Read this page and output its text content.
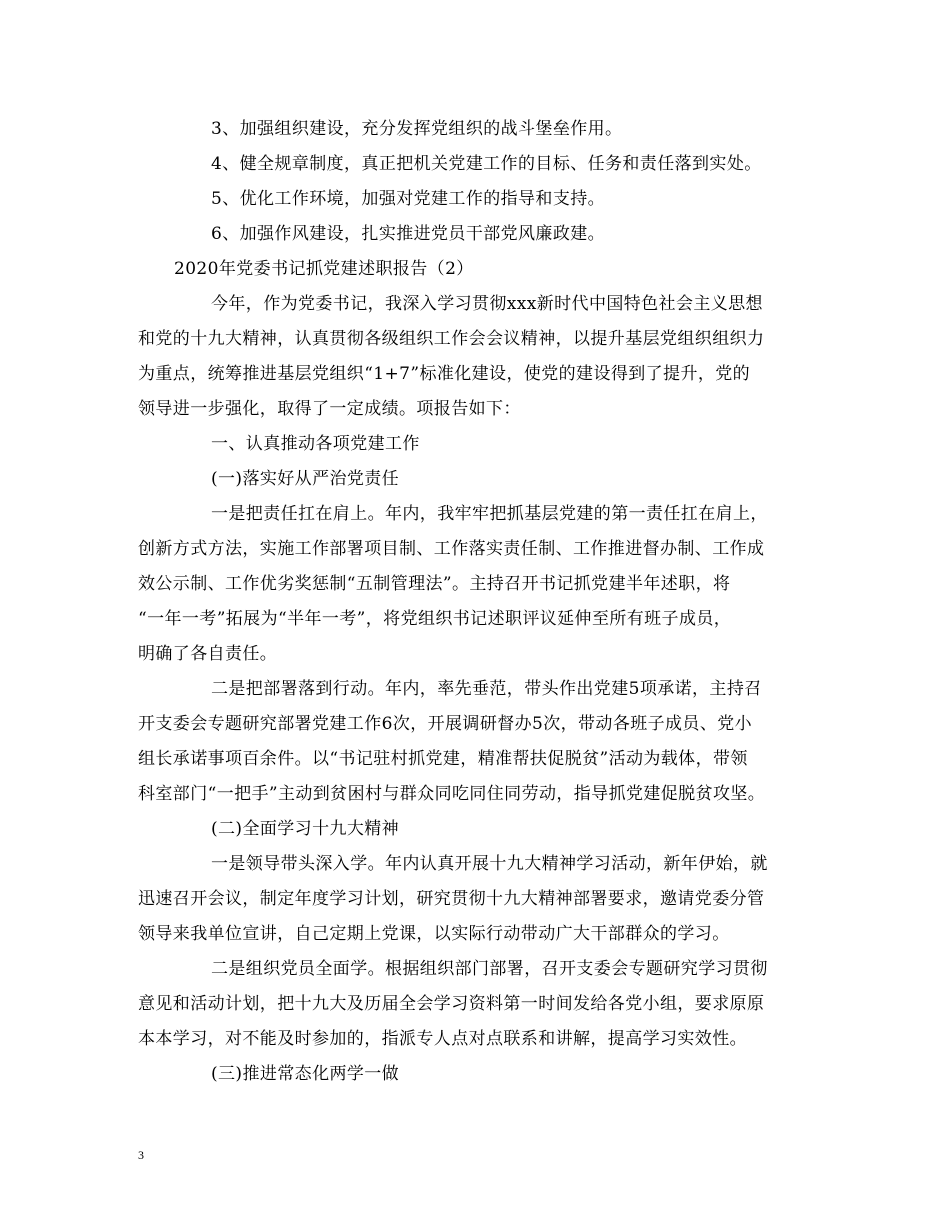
3、加强组织建设，充分发挥党组织的战斗堡垒作用。
4、健全规章制度，真正把机关党建工作的目标、任务和责任落到实处。
5、优化工作环境，加强对党建工作的指导和支持。
6、加强作风建设，扎实推进党员干部党风廉政建。
2020年党委书记抓党建述职报告（2）
今年，作为党委书记，我深入学习贯彻xxx新时代中国特色社会主义思想
和党的十九大精神，认真贯彻各级组织工作会会议精神，以提升基层党组织组织力
为重点，统筹推进基层党组织“1+7”标准化建设，使党的建设得到了提升，党的
领导进一步强化，取得了一定成绩。项报告如下：
一、认真推动各项党建工作
(一)落实好从严治党责任
一是把责任扛在肩上。年内，我牢牢把抓基层党建的第一责任扛在肩上，
创新方式方法，实施工作部署项目制、工作落实责任制、工作推进督办制、工作成
效公示制、工作优劣奖惩制“五制管理法”。主持召开书记抓党建半年述职，将
“一年一考”拓展为“半年一考”，将党组织书记述职评议延伸至所有班子成员，
明确了各自责任。
二是把部署落到行动。年内，率先垂范，带头作出党建5项承诺，主持召
开支委会专题研究部署党建工作6次，开展调研督办5次，带动各班子成员、党小
组长承诺事项百余件。以“书记驻村抓党建，精准帮扶促脱贫”活动为载体，带领
科室部门“一把手”主动到贫困村与群众同吃同住同劳动，指导抓党建促脱贫攻坚。
(二)全面学习十九大精神
一是领导带头深入学。年内认真开展十九大精神学习活动，新年伊始，就
迅速召开会议，制定年度学习计划，研究贯彻十九大精神部署要求，邀请党委分管
领导来我单位宣讲，自己定期上党课，以实际行动带动广大干部群众的学习。
二是组织党员全面学。根据组织部门部署，召开支委会专题研究学习贯彻
意见和活动计划，把十九大及历届全会学习资料第一时间发给各党小组，要求原原
本本学习，对不能及时参加的，指派专人点对点联系和讲解，提高学习实效性。
(三)推进常态化两学一做
3
